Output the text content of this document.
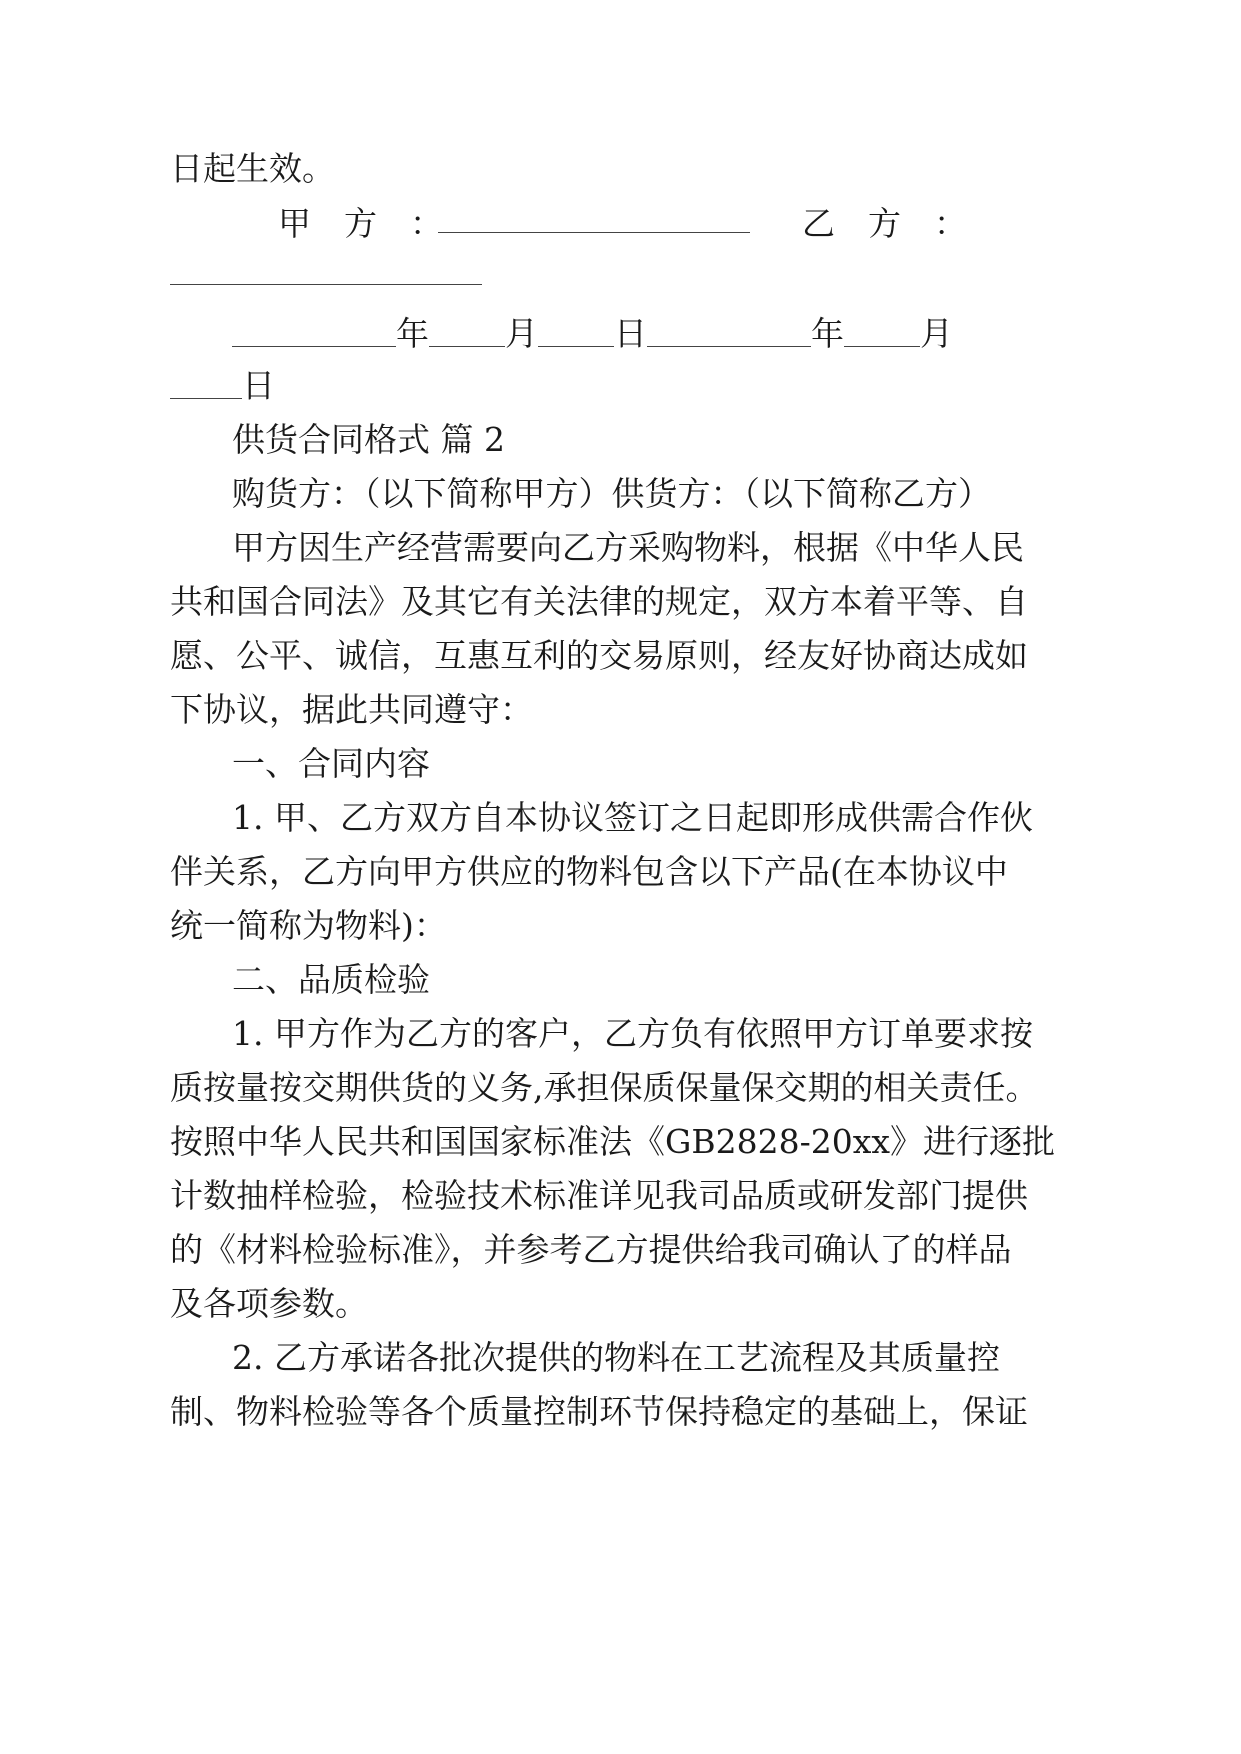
日起生效。
甲　方　：	乙　方　：
年 月 日	年 月
日
供货合同格式 篇 2
购货方：（以下简称甲方）供货方：（以下简称乙方）
甲方因生产经营需要向乙方采购物料，根据《中华人民
共和国合同法》及其它有关法律的规定，双方本着平等、自
愿、公平、诚信，互惠互利的交易原则，经友好协商达成如
下协议，据此共同遵守：
一、合同内容
1. 甲、乙方双方自本协议签订之日起即形成供需合作伙
伴关系，乙方向甲方供应的物料包含以下产品(在本协议中
统一简称为物料)：
二、品质检验
1. 甲方作为乙方的客户，乙方负有依照甲方订单要求按
质按量按交期供货的义务,承担保质保量保交期的相关责任。
按照中华人民共和国国家标准法《GB2828-20xx》进行逐批
计数抽样检验，检验技术标准详见我司品质或研发部门提供
的《材料检验标准》，并参考乙方提供给我司确认了的样品
及各项参数。
2. 乙方承诺各批次提供的物料在工艺流程及其质量控
制、物料检验等各个质量控制环节保持稳定的基础上，保证
